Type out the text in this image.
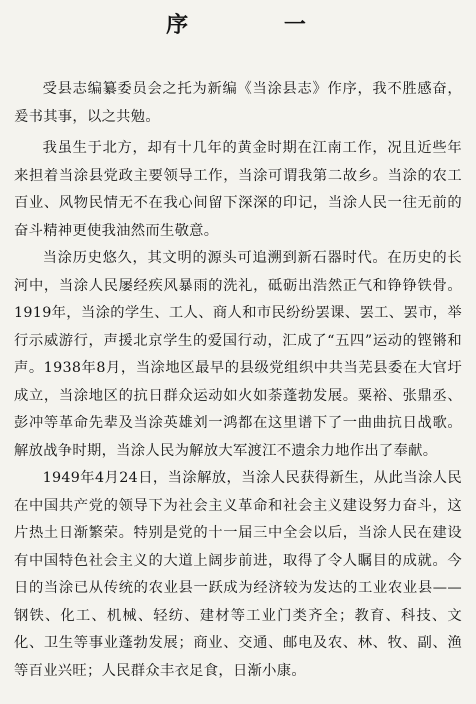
序 一

受县志编纂委员会之托为新编《当涂县志》作序，我不胜感奋，爰书其事，以之共勉。

我虽生于北方，却有十几年的黄金时期在江南工作，况且近些年来担着当涂县党政主要领导工作，当涂可谓我第二故乡。当涂的农工百业、风物民情无不在我心间留下深深的印记，当涂人民一往无前的奋斗精神更使我油然而生敬意。

当涂历史悠久，其文明的源头可追溯到新石器时代。在历史的长河中，当涂人民屡经疾风暴雨的洗礼，砥砺出浩然正气和铮铮铁骨。1919年，当涂的学生、工人、商人和市民纷纷罢课、罢工、罢市，举行示威游行，声援北京学生的爱国行动，汇成了“五四”运动的铿锵和声。1938年8月，当涂地区最早的县级党组织中共当芜县委在大官圩成立，当涂地区的抗日群众运动如火如荼蓬勃发展。粟裕、张鼎丞、彭冲等革命先辈及当涂英雄刘一鸿都在这里谱下了一曲曲抗日战歌。解放战争时期，当涂人民为解放大军渡江不遗余力地作出了奉献。

1949年4月24日，当涂解放，当涂人民获得新生，从此当涂人民在中国共产党的领导下为社会主义革命和社会主义建设努力奋斗，这片热土日渐繁荣。特别是党的十一届三中全会以后，当涂人民在建设有中国特色社会主义的大道上阔步前进，取得了令人瞩目的成就。今日的当涂已从传统的农业县一跃成为经济较为发达的工业农业县——钢铁、化工、机械、轻纺、建材等工业门类齐全；教育、科技、文化、卫生等事业蓬勃发展；商业、交通、邮电及农、林、牧、副、渔等百业兴旺；人民群众丰衣足食，日渐小康。
